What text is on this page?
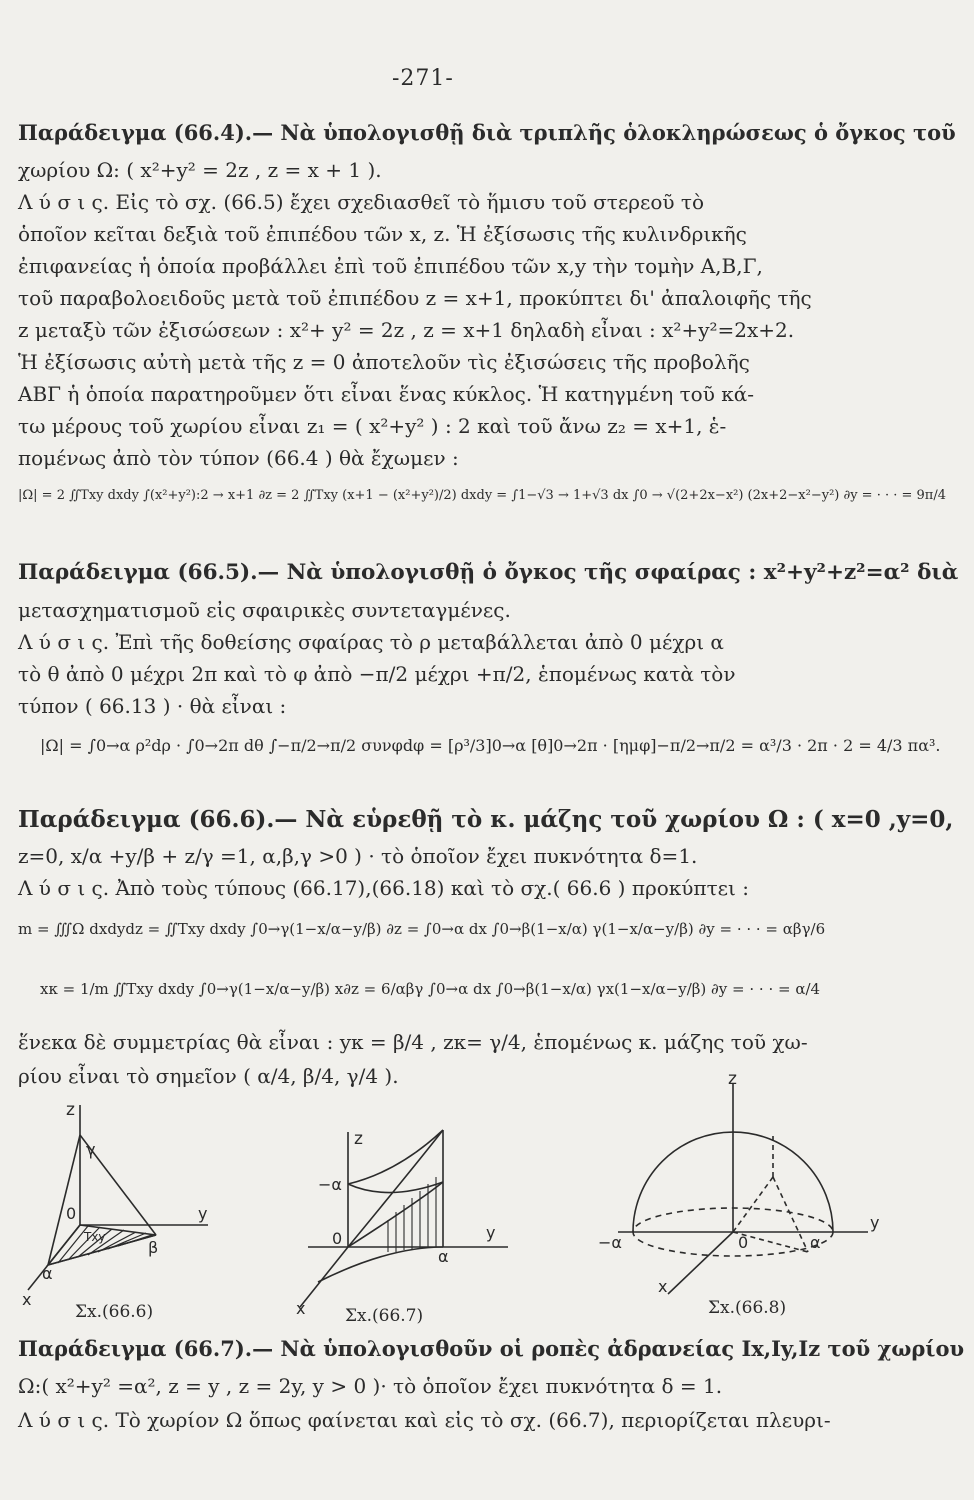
-271-
Παράδειγμα (66.4).— Νὰ ὑπολογισθῇ διὰ τριπλῆς ὁλοκληρώσεως ὁ ὄγκος τοῦ
χωρίου Ω: ( x²+y² = 2z , z = x + 1 ).
Λ ύ σ ι ς. Εἰς τὸ σχ. (66.5) ἔχει σχεδιασθεῖ τὸ ἥμισυ τοῦ στερεοῦ τὸ
ὁποῖον κεῖται δεξιὰ τοῦ ἐπιπέδου τῶν x, z. Ἡ ἐξίσωσις τῆς κυλινδρικῆς
ἐπιφανείας ἡ ὁποία προβάλλει ἐπὶ τοῦ ἐπιπέδου τῶν x,y τὴν τομὴν Α,Β,Γ,
τοῦ παραβολοειδοῦς μετὰ τοῦ ἐπιπέδου z = x+1, προκύπτει δι' ἀπαλοιφῆς τῆς
z μεταξὺ τῶν ἐξισώσεων : x²+ y² = 2z , z = x+1 δηλαδὴ εἶναι : x²+y²=2x+2.
Ἡ ἐξίσωσις αὐτὴ μετὰ τῆς z = 0 ἀποτελοῦν τὶς ἐξισώσεις τῆς προβολῆς
ΑΒΓ ἡ ὁποία παρατηροῦμεν ὅτι εἶναι ἕνας κύκλος. Ἡ κατηγμένη τοῦ κά-
τω μέρους τοῦ χωρίου εἶναι z₁ = ( x²+y² ) : 2 καὶ τοῦ ἄνω z₂ = x+1, ἑ-
πομένως ἀπὸ τὸν τύπον (66.4 ) θὰ ἔχωμεν :
|Ω| = 2 ∬Txy dxdy ∫(x²+y²):2 → x+1 ∂z = 2 ∬Txy (x+1 − (x²+y²)/2) dxdy = ∫1−√3 → 1+√3 dx ∫0 → √(2+2x−x²) (2x+2−x²−y²) ∂y = · · · = 9π/4
Παράδειγμα (66.5).— Νὰ ὑπολογισθῇ ὁ ὄγκος τῆς σφαίρας : x²+y²+z²=α² διὰ
μετασχηματισμοῦ εἰς σφαιρικὲς συντεταγμένες.
Λ ύ σ ι ς. Ἐπὶ τῆς δοθείσης σφαίρας τὸ ρ μεταβάλλεται ἀπὸ 0 μέχρι α
τὸ θ ἀπὸ 0 μέχρι 2π καὶ τὸ φ ἀπὸ −π/2 μέχρι +π/2, ἑπομένως κατὰ τὸν
τύπον ( 66.13 ) · θὰ εἶναι :
|Ω| = ∫0→α ρ²dρ · ∫0→2π dθ ∫−π/2→π/2 συνφdφ = [ρ³/3]0→α [θ]0→2π · [ημφ]−π/2→π/2 = α³/3 · 2π · 2 = 4/3 πα³.
Παράδειγμα (66.6).— Νὰ εὑρεθῇ τὸ κ. μάζης τοῦ χωρίου Ω : ( x=0 ,y=0,
z=0, x/α +y/β + z/γ =1, α,β,γ >0 ) · τὸ ὁποῖον ἔχει πυκνότητα δ=1.
Λ ύ σ ι ς. Ἀπὸ τοὺς τύπους (66.17),(66.18) καὶ τὸ σχ.( 66.6 ) προκύπτει :
m = ∭Ω dxdydz = ∬Txy dxdy ∫0→γ(1−x/α−y/β) ∂z = ∫0→α dx ∫0→β(1−x/α) γ(1−x/α−y/β) ∂y = · · · = αβγ/6
xκ = 1/m ∬Txy dxdy ∫0→γ(1−x/α−y/β) x∂z = 6/αβγ ∫0→α dx ∫0→β(1−x/α) γx(1−x/α−y/β) ∂y = · · · = α/4
ἕνεκα δὲ συμμετρίας θὰ εἶναι : yκ = β/4 , zκ= γ/4, ἑπομένως κ. μάζης τοῦ χω-
ρίου εἶναι τὸ σημεῖον ( α/4, β/4, γ/4 ).
z
γ
0
β
y
α
x
Txy
Σx.(66.6)
z
−α
0
α
y
x Σx.(66.7)
z
−α	0	α
y
x
Σx.(66.8)
Παράδειγμα (66.7).— Νὰ ὑπολογισθοῦν οἱ ροπὲς ἀδρανείας Ix,Iy,Iz τοῦ χωρίου
Ω:( x²+y² =α², z = y , z = 2y, y > 0 )· τὸ ὁποῖον ἔχει πυκνότητα δ = 1.
Λ ύ σ ι ς. Τὸ χωρίον Ω ὅπως φαίνεται καὶ εἰς τὸ σχ. (66.7), περιορίζεται πλευρι-
